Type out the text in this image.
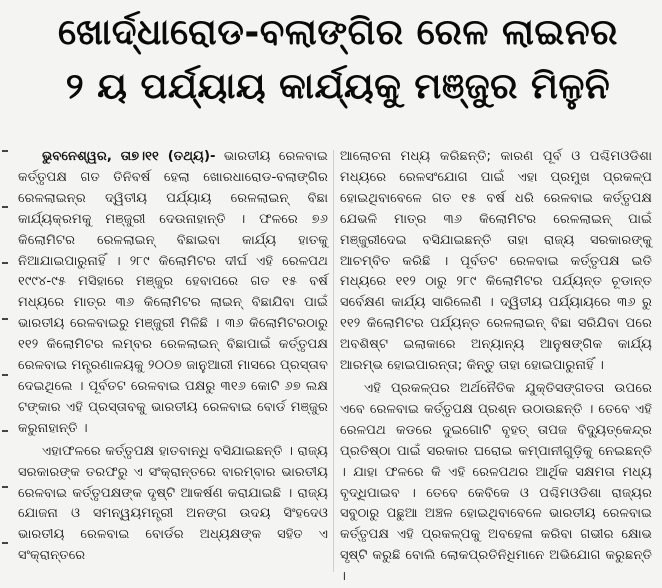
ଖୋର୍ଦ୍ଧାରୋଡ-ବଲାଙ୍ଗିର ରେଳ ଲାଇନର
୨ ୟ ପର୍ଯ୍ୟାୟ କାର୍ଯ୍ୟକୁ ମଞ୍ଜୁର ମିଳୁନି

ଭୁବନେଶ୍ୱର, ତା୭।୧୧ (ତଥ୍ୟ)- ଭାରତୀୟ ରେଳବାଇ କର୍ତ୍ତୃପକ୍ଷ ଗତ ତିନିବର୍ଷ ହେଲା ଖୋରଧାରୋଡ-ବଲାଙ୍ଗିର ରେଳଲାଇନ୍‌ର ଦ୍ୱିତୀୟ ପର୍ଯ୍ୟାୟ ରେଳଲାଇନ୍ ବିଛା କାର୍ଯ୍ୟକ୍ରମକୁ ମଞ୍ଜୁରୀ ଦେଉନାହାନ୍ତି । ଫଳରେ ୭୬ କିଲୋମିଟର ରେଳଲାଇନ୍ ବିଛାଇବା କାର୍ଯ୍ୟ ହାତକୁ ନିଆଯାଇପାରୁନାହିଁ । ୨୮୯ କିଲୋମିଟର ଦୀର୍ଘ ଏହି ରେଳପଥ ୧୯୯୪-୯୫ ମସିହାରେ ମଞ୍ଜୁର ହେବାପରେ ଗତ ୧୫ ବର୍ଷ ମଧ୍ୟରେ ମାତ୍ର ୩୬ କିଲୋମିଟର ଲାଇନ୍ ବିଛାଯିବା ପାଇଁ ଭାରତୀୟ ରେଳବାଇରୁ ମଞ୍ଜୁରୀ ମିଳିଛି । ୩୬ କିଲୋମିଟରଠାରୁ ୧୧୨ କିଲୋମିଟର ଲମ୍ବର ରେଳଲାଇନ୍ ବିଛାପାଇଁ କର୍ତ୍ତୃପକ୍ଷ ରେଳବାଇ ମନ୍ତ୍ରଣାଳୟକୁ ୨୦୦୭ ଜାନୁଆରୀ ମାସରେ ପ୍ରସ୍ତାବ ଦେଇଥିଲେ । ପୂର୍ବତଟ ରେଳବାଇ ପକ୍ଷରୁ ୩୧୬ କୋଟି ୬୭ ଲକ୍ଷ ଟଙ୍କାର ଏହି ପ୍ରସ୍ତାବକୁ ଭାରତୀୟ ରେଳବାଇ ବୋର୍ଡ ମଞ୍ଜୁର କରୁନାହାନ୍ତି ।

ଏହାଫଳରେ କର୍ତ୍ତୃପକ୍ଷ ହାତବାନ୍ଧି ବସିଯାଇଛନ୍ତି । ରାଜ୍ୟ ସରକାରଙ୍କ ତରଫରୁ ଏ ସଂକ୍ରାନ୍ତରେ ବାରମ୍ବାର ଭାରତୀୟ ରେଳବାଇ କର୍ତ୍ତୃପକ୍ଷଙ୍କ ଦୃଷ୍ଟି ଆକର୍ଷଣ କରାଯାଇଛି । ରାଜ୍ୟ ଯୋଜନା ଓ ସମନ୍ୱୟମନ୍ତ୍ରୀ ଅନଙ୍ଗ ଉଦୟ ସିଂହଦେଓ ଭାରତୀୟ ରେଳବାଇ ବୋର୍ଡର ଅଧ୍ୟକ୍ଷଙ୍କ ସହିତ ଏ ସଂକ୍ରାନ୍ତରେ

ଆଲୋଚନା ମଧ୍ୟ କରିଛନ୍ତି; କାରଣ ପୂର୍ବ ଓ ପଶ୍ଚିମଓଡିଶା ମଧ୍ୟରେ ରେଳସଂଯୋଗ ପାଇଁ ଏହା ପ୍ରମୁଖ ପ୍ରକଳ୍ପ ହୋଇଥିବାବେଳେ ଗତ ୧୫ ବର୍ଷ ଧରି ରେଳବାଇ କର୍ତ୍ତୃପକ୍ଷ ଯେଭଳି ମାତ୍ର ୩୬ କିଲୋମିଟର ରେଳଲାଇନ୍ ପାଇଁ ମଞ୍ଜୁରୀଦେଇ ବସିଯାଇଛନ୍ତି ତାହା ରାଜ୍ୟ ସରକାରଙ୍କୁ ଆଚମ୍ବିତ କରିଛି । ପୂର୍ବତଟ ରେଳବାଇ କର୍ତ୍ତୃପକ୍ଷ ଇତି ମଧ୍ୟରେ ୧୧୨ ଠାରୁ ୨୮୯ କିଲୋମିଟର ପର୍ଯ୍ୟନ୍ତ ଚୂଡାନ୍ତ ସର୍ବେକ୍ଷଣ କାର୍ଯ୍ୟ ସାରିଲେଣି । ଦ୍ୱିତୀୟ ପର୍ଯ୍ୟାୟରେ ୩୬ ରୁ ୧୧୨ କିଲୋମିଟର ପର୍ଯ୍ୟନ୍ତ ରେଳଲାଇନ୍ ବିଛା ସରିଯିବା ପରେ ଅବଶିଷ୍ଟ ଇଲାକାରେ ଅନ୍ୟାନ୍ୟ ଆନୁଷଙ୍ଗିକ କାର୍ଯ୍ୟ ଆରମ୍ଭ ହୋଇପାରନ୍ତା; କିନ୍ତୁ ତାହା ହୋଇପାରୁନାହିଁ ।

ଏହି ପ୍ରକଳ୍ପର ଅର୍ଥନୈତିକ ଯୁକ୍ତିସଙ୍ଗତତା ଉପରେ ଏବେ ରେଳବାଇ କର୍ତ୍ତୃପକ୍ଷ ପ୍ରଶ୍ନ ଉଠାଉଛନ୍ତି । ତେବେ ଏହି ରେଳପଥ କଡରେ ଦୁଇଗୋଟି ବୃହତ୍ ତାପଜ ବିଦ୍ୟୁତ୍‌କେନ୍ଦ୍ର ପ୍ରତିଷ୍ଠା ପାଇଁ ସରକାର ଘରୋଇ କମ୍ପାନୀଗୁଡ଼ିକୁ ନେଇଛନ୍ତି । ଯାହା ଫଳରେ କି ଏହି ରେଳପଥର ଆର୍ଥିକ ସକ୍ଷମତା ମଧ୍ୟ ବୃଦ୍ଧିପାଇବ । ତେବେ କେବିକେ ଓ ପଶ୍ଚିମଓଡିଶା ରାଜ୍ୟର ସବୁଠାରୁ ପଛୁଆ ଅଞ୍ଚଳ ହୋଇଥିବାବେଳେ ଭାରତୀୟ ରେଳବାଇ କର୍ତ୍ତୃପକ୍ଷ ଏହି ପ୍ରକଳ୍ପକୁ ଅବହେଳା କରିବା ଗଭୀର କ୍ଷୋଭ ସୃଷ୍ଟି କରୁଛି ବୋଲି ଲୋକପ୍ରତିନିଧିମାନେ ଅଭିଯୋଗ କରୁଛନ୍ତି ।
